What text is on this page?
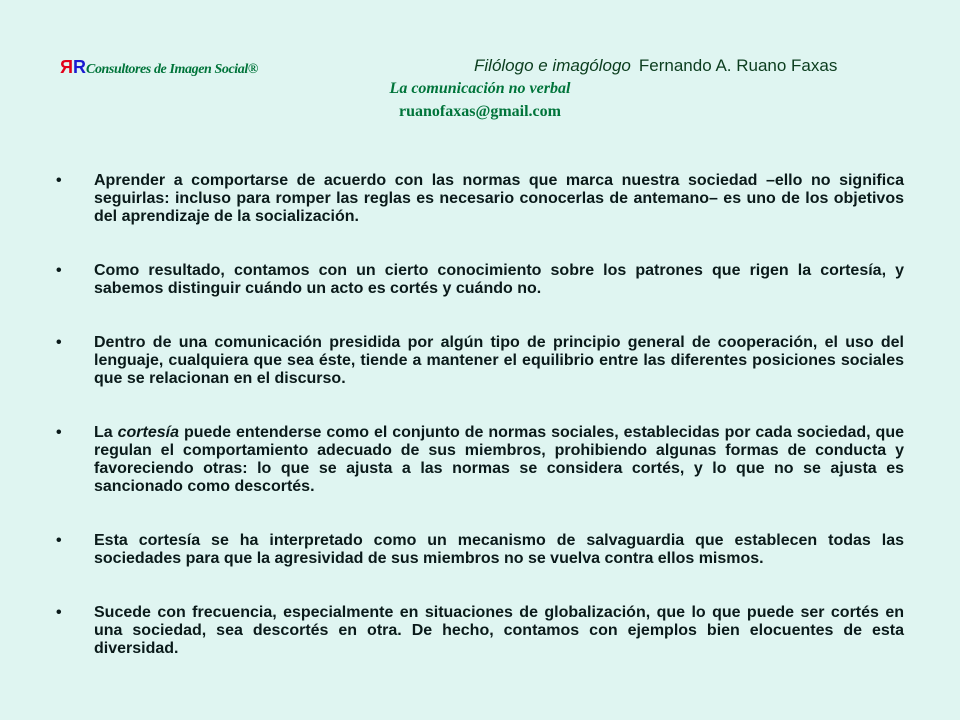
RRConsultores de Imagen Social®	Filólogo e imagólogo Fernando A. Ruano Faxas
La comunicación no verbal
ruanofaxas@gmail.com
• Aprender a comportarse de acuerdo con las normas que marca nuestra sociedad –ello no significa seguirlas: incluso para romper las reglas es necesario conocerlas de antemano– es uno de los objetivos del aprendizaje de la socialización.
• Como resultado, contamos con un cierto conocimiento sobre los patrones que rigen la cortesía, y sabemos distinguir cuándo un acto es cortés y cuándo no.
• Dentro de una comunicación presidida por algún tipo de principio general de cooperación, el uso del lenguaje, cualquiera que sea éste, tiende a mantener el equilibrio entre las diferentes posiciones sociales que se relacionan en el discurso.
• La cortesía puede entenderse como el conjunto de normas sociales, establecidas por cada sociedad, que regulan el comportamiento adecuado de sus miembros, prohibiendo algunas formas de conducta y favoreciendo otras: lo que se ajusta a las normas se considera cortés, y lo que no se ajusta es sancionado como descortés.
• Esta cortesía se ha interpretado como un mecanismo de salvaguardia que establecen todas las sociedades para que la agresividad de sus miembros no se vuelva contra ellos mismos.
• Sucede con frecuencia, especialmente en situaciones de globalización, que lo que puede ser cortés en una sociedad, sea descortés en otra. De hecho, contamos con ejemplos bien elocuentes de esta diversidad.
